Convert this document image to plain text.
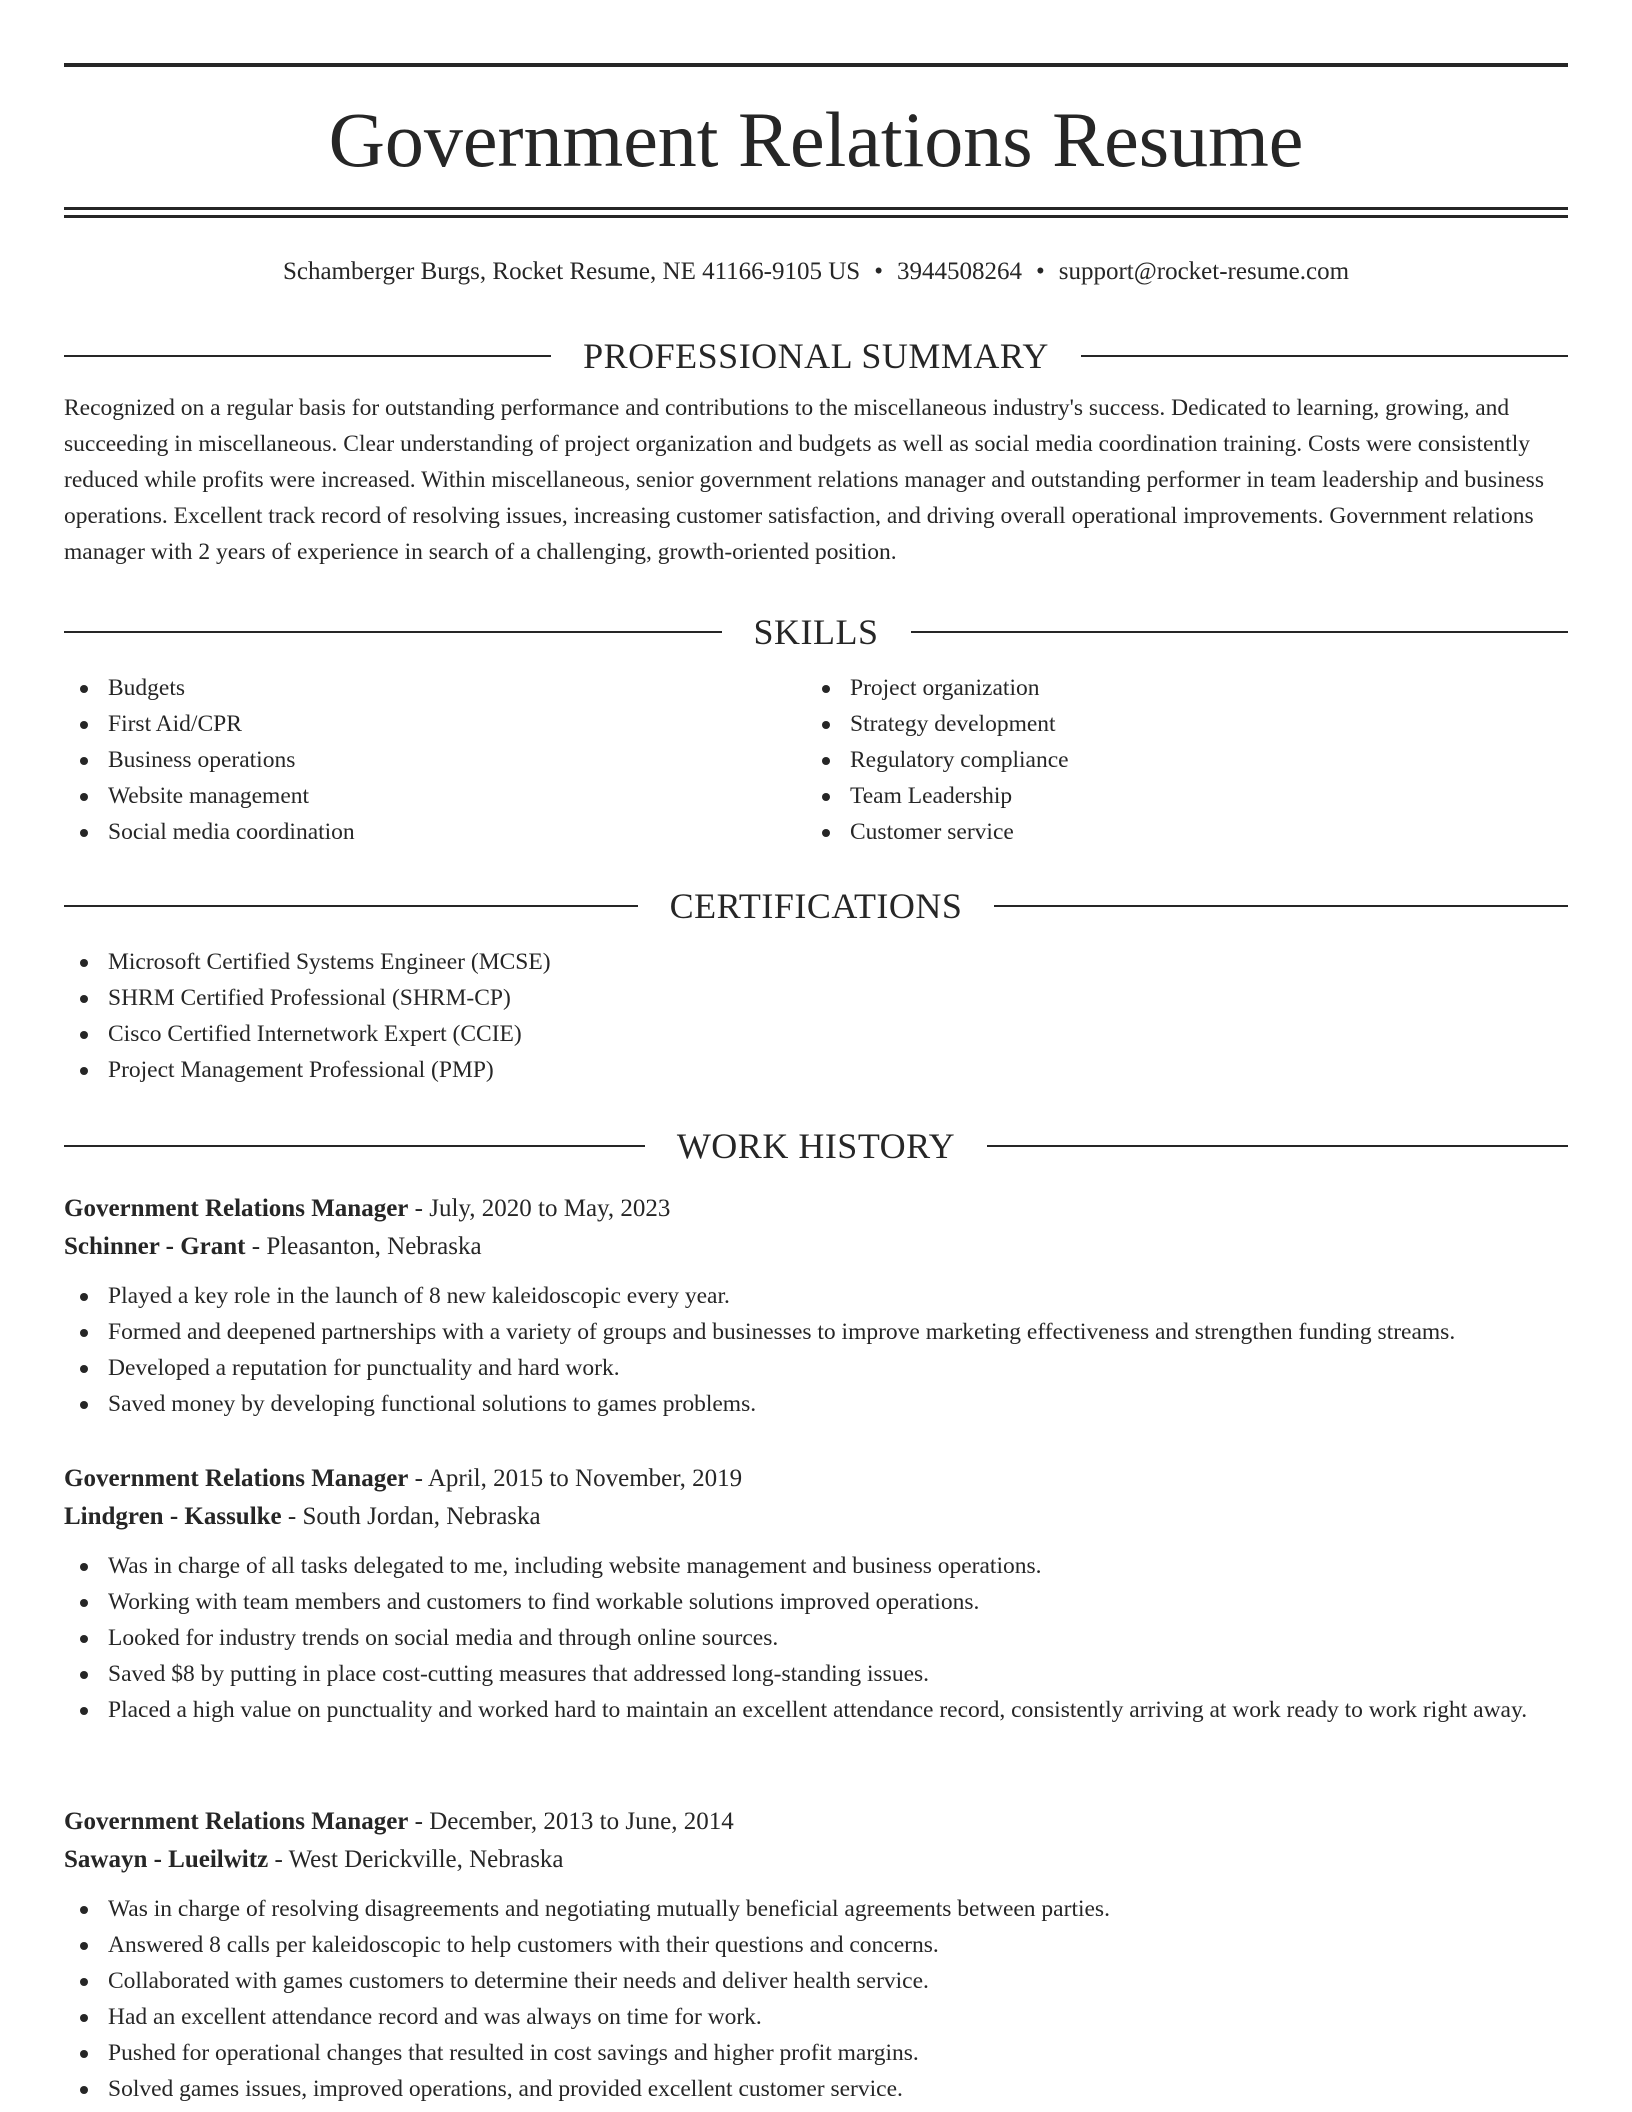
Government Relations Resume
Schamberger Burgs, Rocket Resume, NE 41166-9105 US • 3944508264 • support@rocket-resume.com
PROFESSIONAL SUMMARY

Recognized on a regular basis for outstanding performance and contributions to the miscellaneous industry's success. Dedicated to learning, growing, and succeeding in miscellaneous. Clear understanding of project organization and budgets as well as social media coordination training. Costs were consistently reduced while profits were increased. Within miscellaneous, senior government relations manager and outstanding performer in team leadership and business operations. Excellent track record of resolving issues, increasing customer satisfaction, and driving overall operational improvements. Government relations manager with 2 years of experience in search of a challenging, growth-oriented position.

SKILLS
Budgets
First Aid/CPR
Business operations
Website management
Social media coordination
Project organization
Strategy development
Regulatory compliance
Team Leadership
Customer service
CERTIFICATIONS
Microsoft Certified Systems Engineer (MCSE)
SHRM Certified Professional (SHRM-CP)
Cisco Certified Internetwork Expert (CCIE)
Project Management Professional (PMP)
WORK HISTORY
Government Relations Manager - July, 2020 to May, 2023
Schinner - Grant - Pleasanton, Nebraska
Played a key role in the launch of 8 new kaleidoscopic every year.
Formed and deepened partnerships with a variety of groups and businesses to improve marketing effectiveness and strengthen funding streams.
Developed a reputation for punctuality and hard work.
Saved money by developing functional solutions to games problems.
Government Relations Manager - April, 2015 to November, 2019
Lindgren - Kassulke - South Jordan, Nebraska
Was in charge of all tasks delegated to me, including website management and business operations.
Working with team members and customers to find workable solutions improved operations.
Looked for industry trends on social media and through online sources.
Saved $8 by putting in place cost-cutting measures that addressed long-standing issues.
Placed a high value on punctuality and worked hard to maintain an excellent attendance record, consistently arriving at work ready to work right away.
Government Relations Manager - December, 2013 to June, 2014
Sawayn - Lueilwitz - West Derickville, Nebraska
Was in charge of resolving disagreements and negotiating mutually beneficial agreements between parties.
Answered 8 calls per kaleidoscopic to help customers with their questions and concerns.
Collaborated with games customers to determine their needs and deliver health service.
Had an excellent attendance record and was always on time for work.
Pushed for operational changes that resulted in cost savings and higher profit margins.
Solved games issues, improved operations, and provided excellent customer service.
